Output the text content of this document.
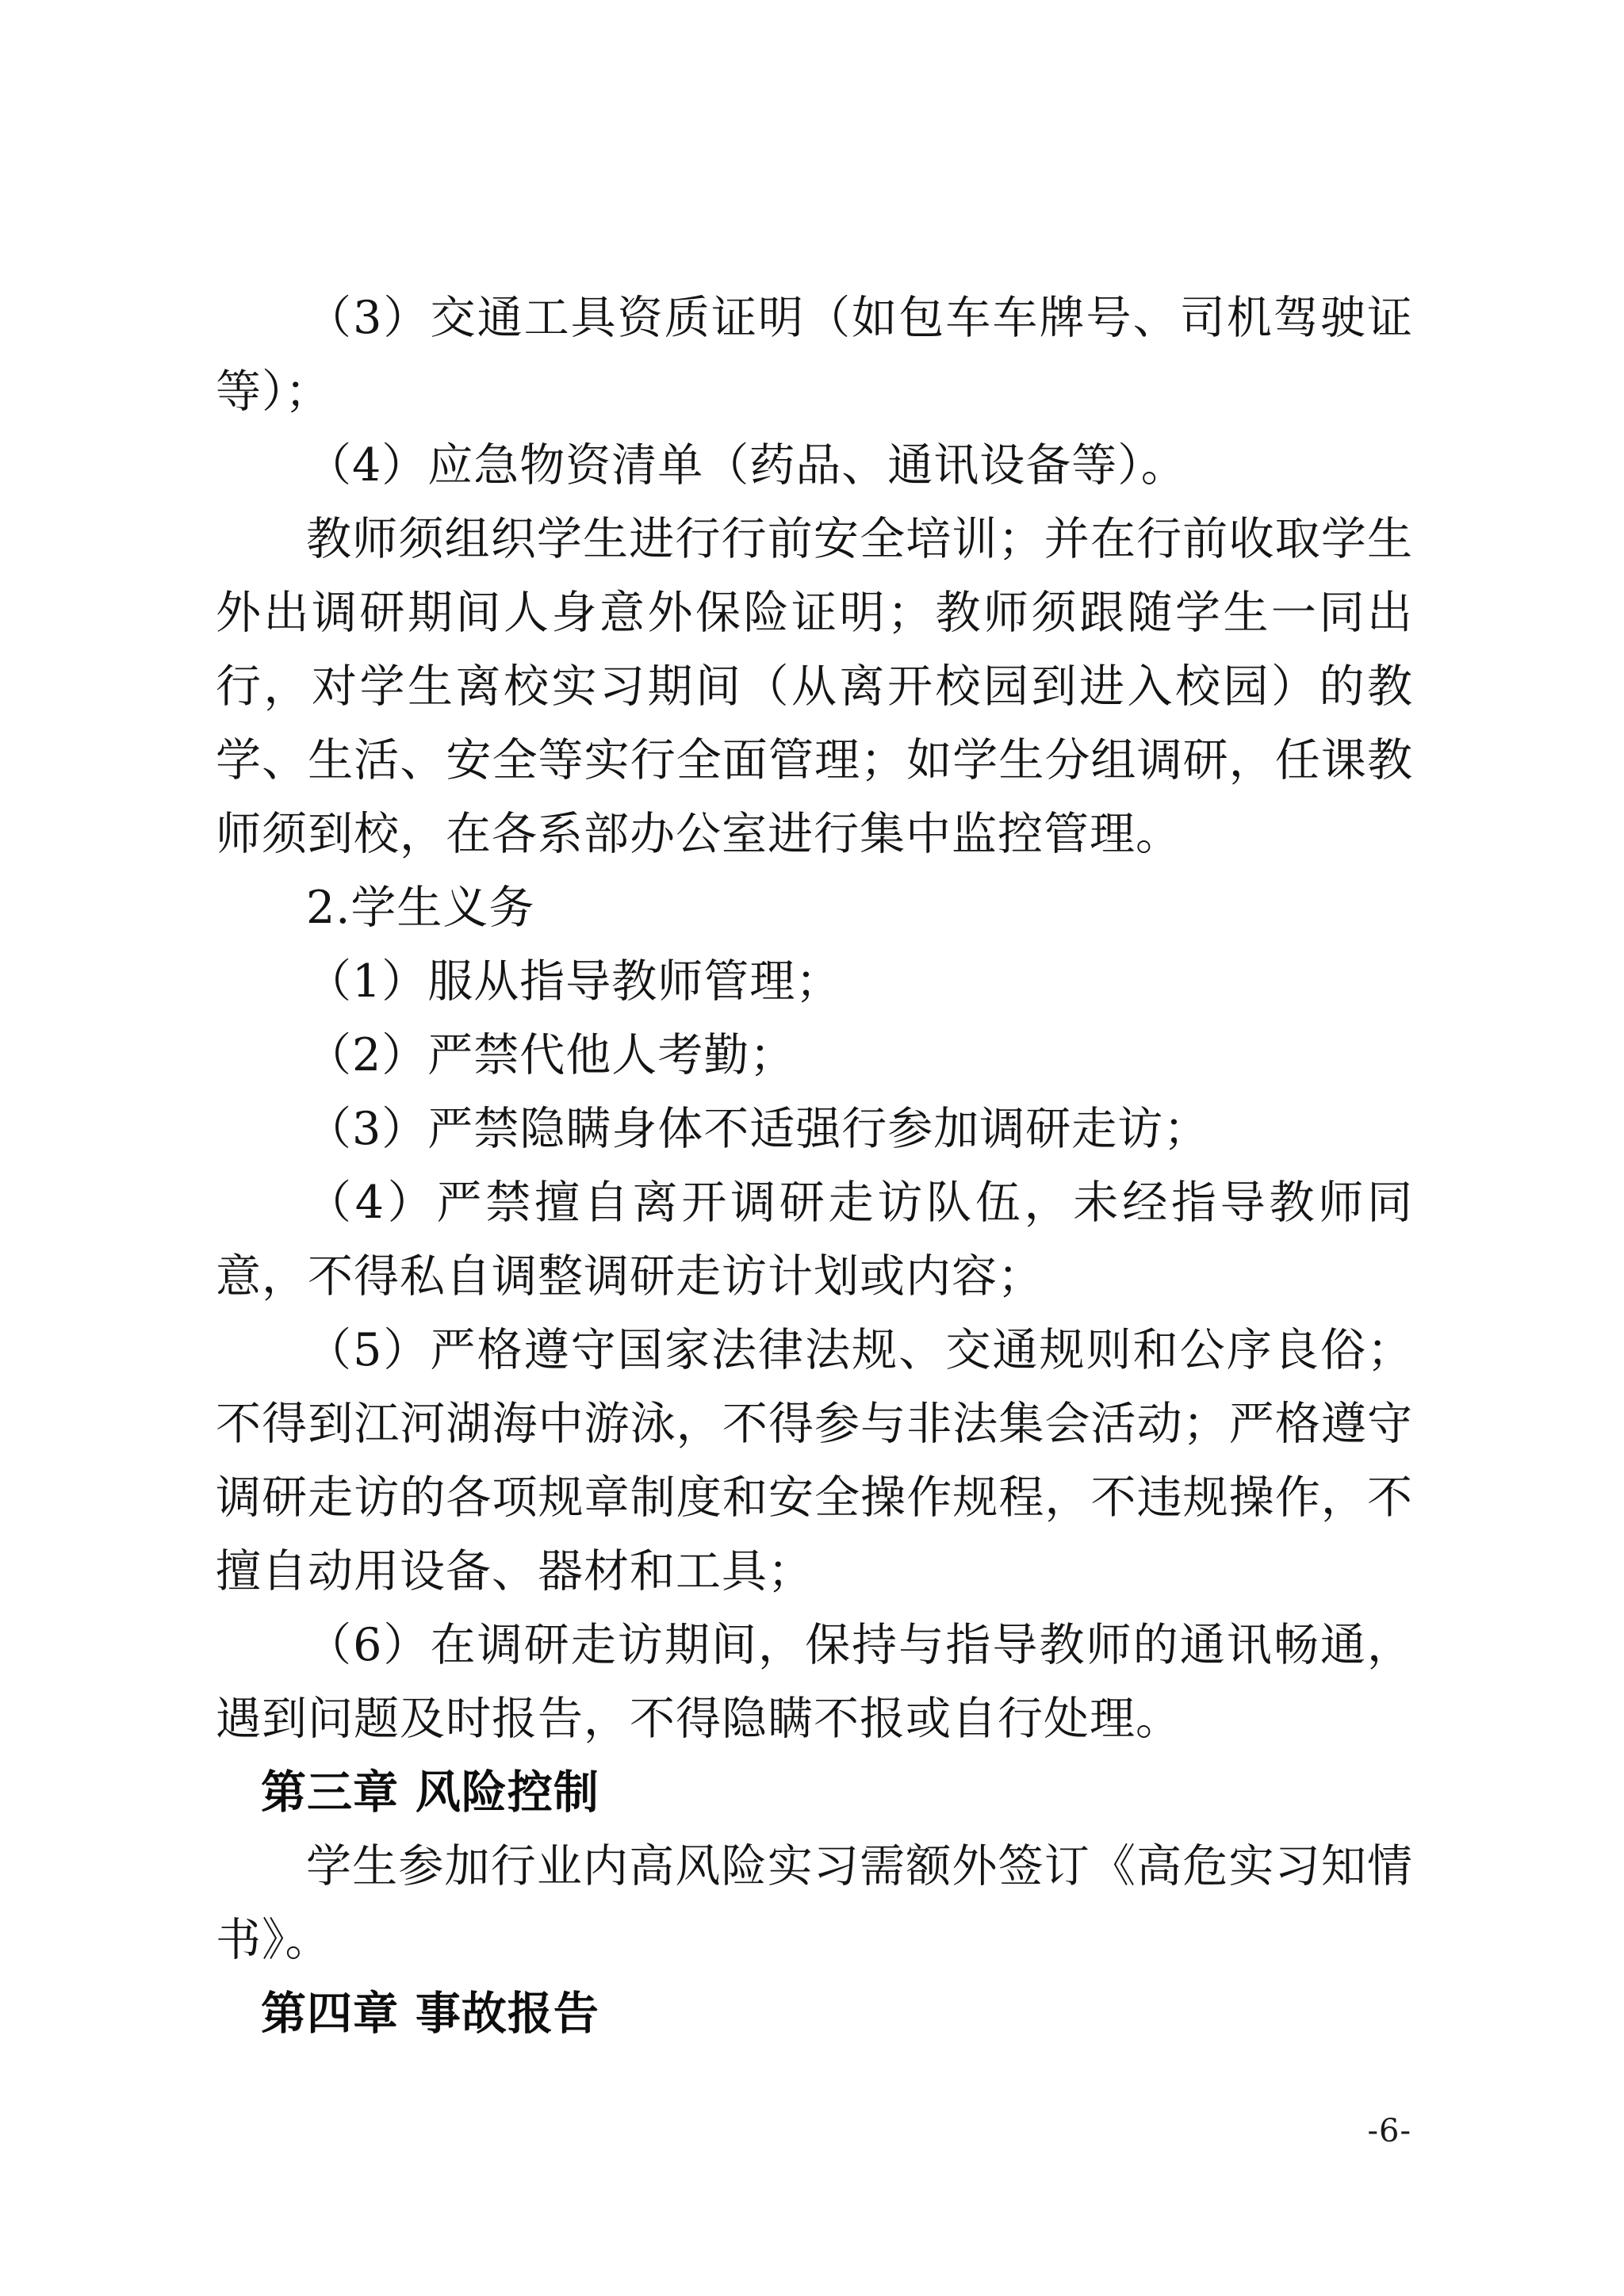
（3）交通工具资质证明（如包车车牌号、司机驾驶证等）；

（4）应急物资清单（药品、通讯设备等）。

教师须组织学生进行行前安全培训；并在行前收取学生外出调研期间人身意外保险证明；教师须跟随学生一同出行，对学生离校实习期间（从离开校园到进入校园）的教学、生活、安全等实行全面管理；如学生分组调研，任课教师须到校，在各系部办公室进行集中监控管理。

2.学生义务

（1）服从指导教师管理；

（2）严禁代他人考勤；

（3）严禁隐瞒身体不适强行参加调研走访；

（4）严禁擅自离开调研走访队伍，未经指导教师同意，不得私自调整调研走访计划或内容；

（5）严格遵守国家法律法规、交通规则和公序良俗；不得到江河湖海中游泳，不得参与非法集会活动；严格遵守调研走访的各项规章制度和安全操作规程，不违规操作，不擅自动用设备、器材和工具；

（6）在调研走访期间，保持与指导教师的通讯畅通，遇到问题及时报告，不得隐瞒不报或自行处理。

第三章 风险控制

学生参加行业内高风险实习需额外签订《高危实习知情书》。

第四章 事故报告

-6-
